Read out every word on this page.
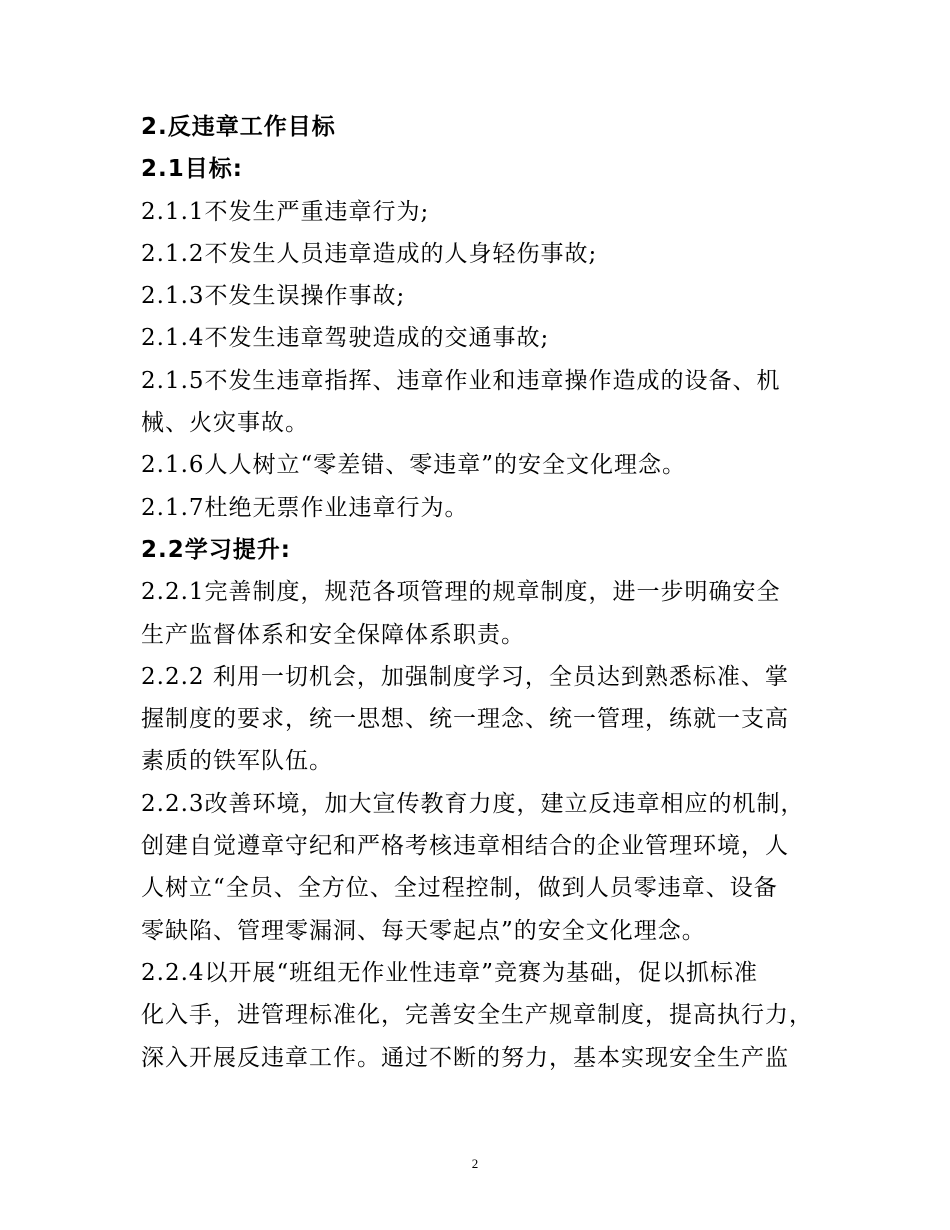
2.反违章工作目标
2.1目标:
2.1.1不发生严重违章行为;
2.1.2不发生人员违章造成的人身轻伤事故;
2.1.3不发生误操作事故;
2.1.4不发生违章驾驶造成的交通事故;
2.1.5不发生违章指挥、违章作业和违章操作造成的设备、机
械、火灾事故。
2.1.6人人树立“零差错、零违章”的安全文化理念。
2.1.7杜绝无票作业违章行为。
2.2学习提升:
2.2.1完善制度，规范各项管理的规章制度，进一步明确安全
生产监督体系和安全保障体系职责。
2.2.2 利用一切机会，加强制度学习，全员达到熟悉标准、掌
握制度的要求，统一思想、统一理念、统一管理，练就一支高
素质的铁军队伍。
2.2.3改善环境，加大宣传教育力度，建立反违章相应的机制，
创建自觉遵章守纪和严格考核违章相结合的企业管理环境，人
人树立“全员、全方位、全过程控制，做到人员零违章、设备
零缺陷、管理零漏洞、每天零起点”的安全文化理念。
2.2.4以开展“班组无作业性违章”竞赛为基础，促以抓标准
化入手，进管理标准化，完善安全生产规章制度，提高执行力，
深入开展反违章工作。通过不断的努力，基本实现安全生产监
2
